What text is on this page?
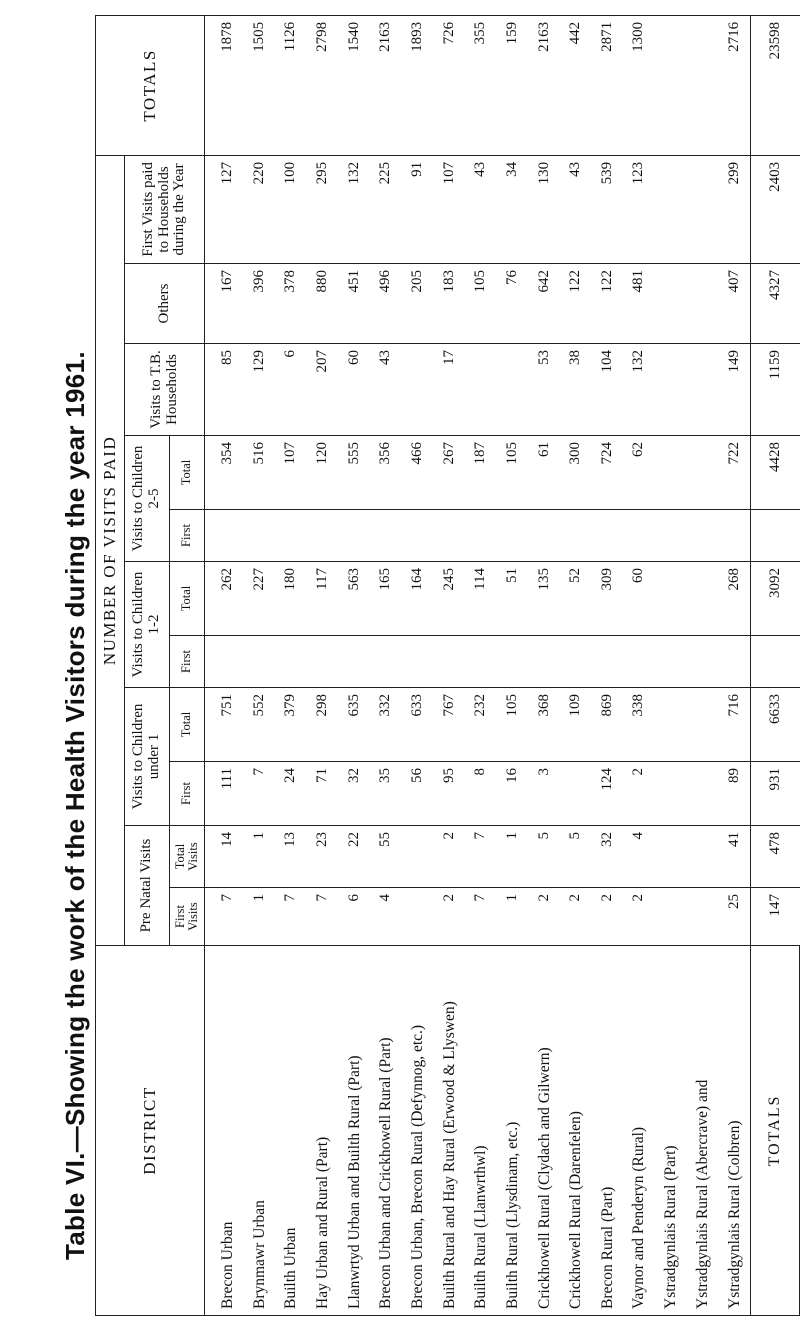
Table VI.—Showing the work of the Health Visitors during the year 1961.	DISTRICT	NUMBER OF VISITS PAID											TOTALS
	Pre Natal Visits		Visits to Children under 1		Visits to Children 1-2		Visits to Children 2-5		Visits to T.B. Households	Others	First Visits paid to Households during the Year	
	First Visits	Total Visits	First	Total	First	Total	First	Total				
Brecon Urban	7	14	111	751		262		354	85	167	127	1878
Brynmawr Urban	1	1	7	552		227		516	129	396	220	1505
Builth Urban	7	13	24	379		180		107	6	378	100	1126
Hay Urban and Rural (Part)	7	23	71	298		117		120	207	880	295	2798
Llanwrtyd Urban and Builth Rural (Part)	6	22	32	635		563		555	60	451	132	1540
Brecon Urban and Crickhowell Rural (Part)	4	55	35	332		165		356	43	496	225	2163
Brecon Urban, Brecon Rural (Defynnog, etc.)			56	633		164		466		205	91	1893
Builth Rural and Hay Rural (Erwood & Llyswen)	2	2	95	767		245		267	17	183	107	726
Builth Rural (Llanwrthwl)	7	7	8	232		114		187		105	43	355
Builth Rural (Llysdinam, etc.)	1	1	16	105		51		105		76	34	159
Crickhowell Rural (Clydach and Gilwern)	2	5	3	368		135		61	53	642	130	2163
Crickhowell Rural (Darenfelen)	2	5		109		52		300	38	122	43	442
Brecon Rural (Part)	2	32	124	869		309		724	104	122	539	2871
Vaynor and Penderyn (Rural)	2	4	2	338		60		62	132	481	123	1300
Ystradgynlais Rural (Part)												
Ystradgynlais Rural (Abercrave) and												
Ystradgynlais Rural (Colbren)	25	41	89	716		268		722	149	407	299	2716
TOTALS	147	478	931	6633		3092		4428	1159	4327	2403	23598
